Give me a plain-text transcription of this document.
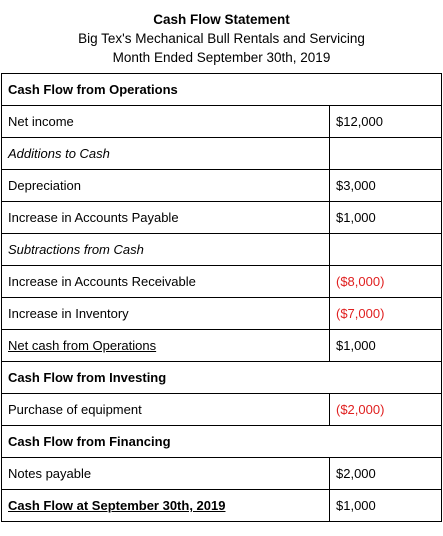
Cash Flow Statement
Big Tex's Mechanical Bull Rentals and Servicing
Month Ended September 30th, 2019
Cash Flow from Operations	
Net income	$12,000
Additions to Cash	
Depreciation	$3,000
Increase in Accounts Payable	$1,000
Subtractions from Cash	
Increase in Accounts Receivable	($8,000)
Increase in Inventory	($7,000)
Net cash from Operations	$1,000
Cash Flow from Investing	
Purchase of equipment	($2,000)
Cash Flow from Financing	
Notes payable	$2,000
Cash Flow at September 30th, 2019	$1,000
